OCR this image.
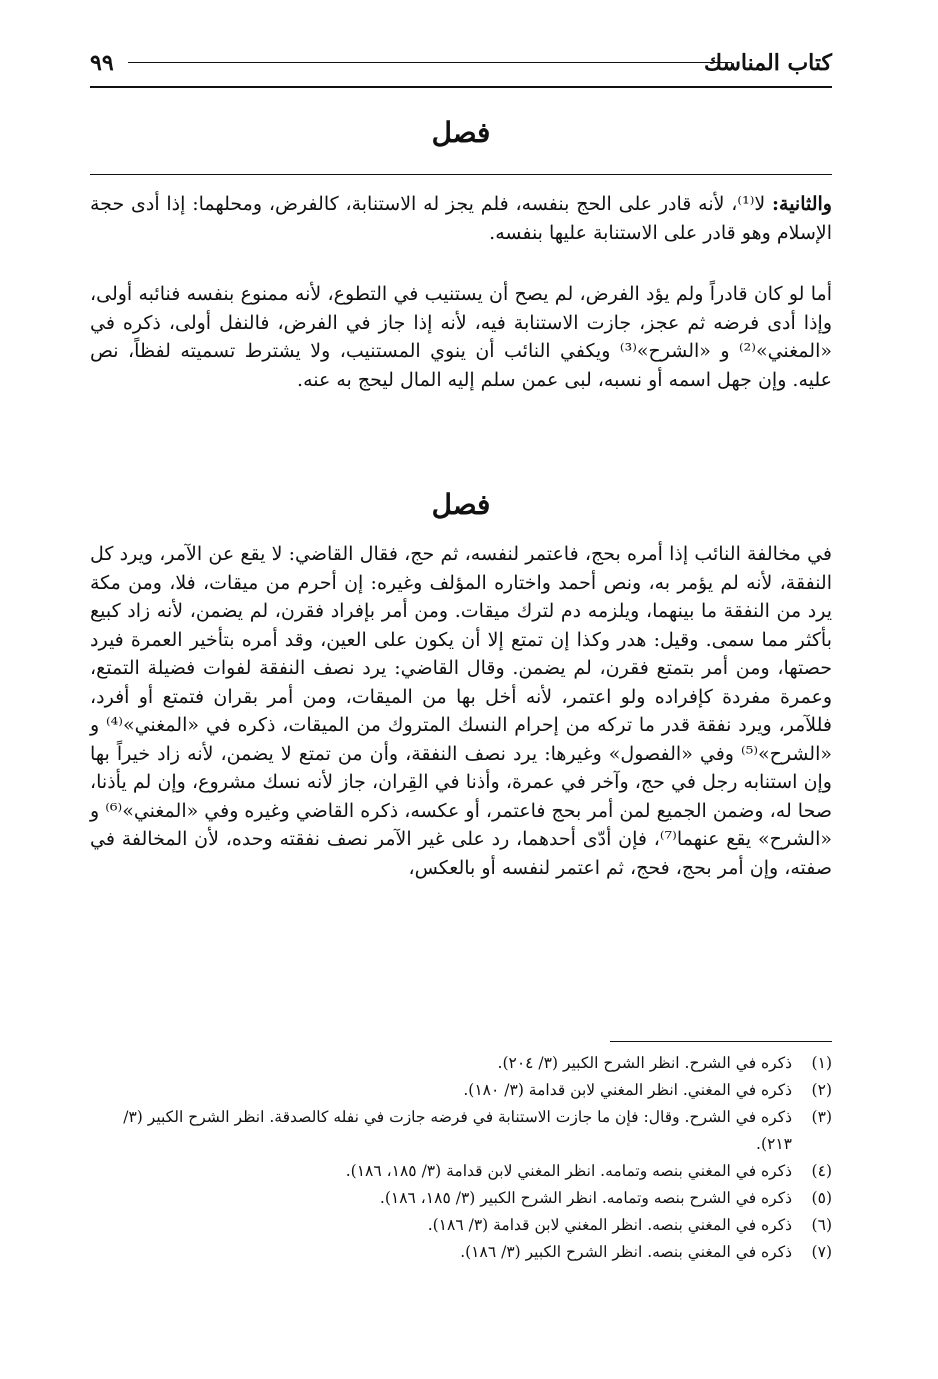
كتاب المناسك
٩٩
فصل

والثانية: لا⁽¹⁾، لأنه قادر على الحج بنفسه، فلم يجز له الاستنابة، كالفرض، ومحلهما: إذا أدى حجة الإسلام وهو قادر على الاستنابة عليها بنفسه.

أما لو كان قادراً ولم يؤد الفرض، لم يصح أن يستنيب في التطوع، لأنه ممنوع بنفسه فنائبه أولى، وإذا أدى فرضه ثم عجز، جازت الاستنابة فيه، لأنه إذا جاز في الفرض، فالنفل أولى، ذكره في «المغني»⁽²⁾ و «الشرح»⁽³⁾ ويكفي النائب أن ينوي المستنيب، ولا يشترط تسميته لفظاً، نص عليه. وإن جهل اسمه أو نسبه، لبى عمن سلم إليه المال ليحج به عنه.

فصل

في مخالفة النائب إذا أمره بحج، فاعتمر لنفسه، ثم حج، فقال القاضي: لا يقع عن الآمر، ويرد كل النفقة، لأنه لم يؤمر به، ونص أحمد واختاره المؤلف وغيره: إن أحرم من ميقات، فلا، ومن مكة يرد من النفقة ما بينهما، ويلزمه دم لترك ميقات. ومن أمر بإفراد فقرن، لم يضمن، لأنه زاد كبيع بأكثر مما سمى. وقيل: هدر وكذا إن تمتع إلا أن يكون على العين، وقد أمره بتأخير العمرة فيرد حصتها، ومن أمر بتمتع فقرن، لم يضمن. وقال القاضي: يرد نصف النفقة لفوات فضيلة التمتع، وعمرة مفردة كإفراده ولو اعتمر، لأنه أخل بها من الميقات، ومن أمر بقران فتمتع أو أفرد، فللآمر، ويرد نفقة قدر ما تركه من إحرام النسك المتروك من الميقات، ذكره في «المغني»⁽⁴⁾ و «الشرح»⁽⁵⁾ وفي «الفصول» وغيرها: يرد نصف النفقة، وأن من تمتع لا يضمن، لأنه زاد خيراً بها وإن استنابه رجل في حج، وآخر في عمرة، وأذنا في القِران، جاز لأنه نسك مشروع، وإن لم يأذنا، صحا له، وضمن الجميع لمن أمر بحج فاعتمر، أو عكسه، ذكره القاضي وغيره وفي «المغني»⁽⁶⁾ و «الشرح» يقع عنهما⁽⁷⁾، فإن أدّى أحدهما، رد على غير الآمر نصف نفقته وحده، لأن المخالفة في صفته، وإن أمر بحج، فحج، ثم اعتمر لنفسه أو بالعكس،

(١)
ذكره في الشرح. انظر الشرح الكبير (٣/ ٢٠٤).
(٢)
ذكره في المغني. انظر المغني لابن قدامة (٣/ ١٨٠).
(٣)
ذكره في الشرح. وقال: فإن ما جازت الاستنابة في فرضه جازت في نفله كالصدقة. انظر الشرح الكبير (٣/ ٢١٣).
(٤)
ذكره في المغني بنصه وتمامه. انظر المغني لابن قدامة (٣/ ١٨٥، ١٨٦).
(٥)
ذكره في الشرح بنصه وتمامه. انظر الشرح الكبير (٣/ ١٨٥، ١٨٦).
(٦)
ذكره في المغني بنصه. انظر المغني لابن قدامة (٣/ ١٨٦).
(٧)
ذكره في المغني بنصه. انظر الشرح الكبير (٣/ ١٨٦).
